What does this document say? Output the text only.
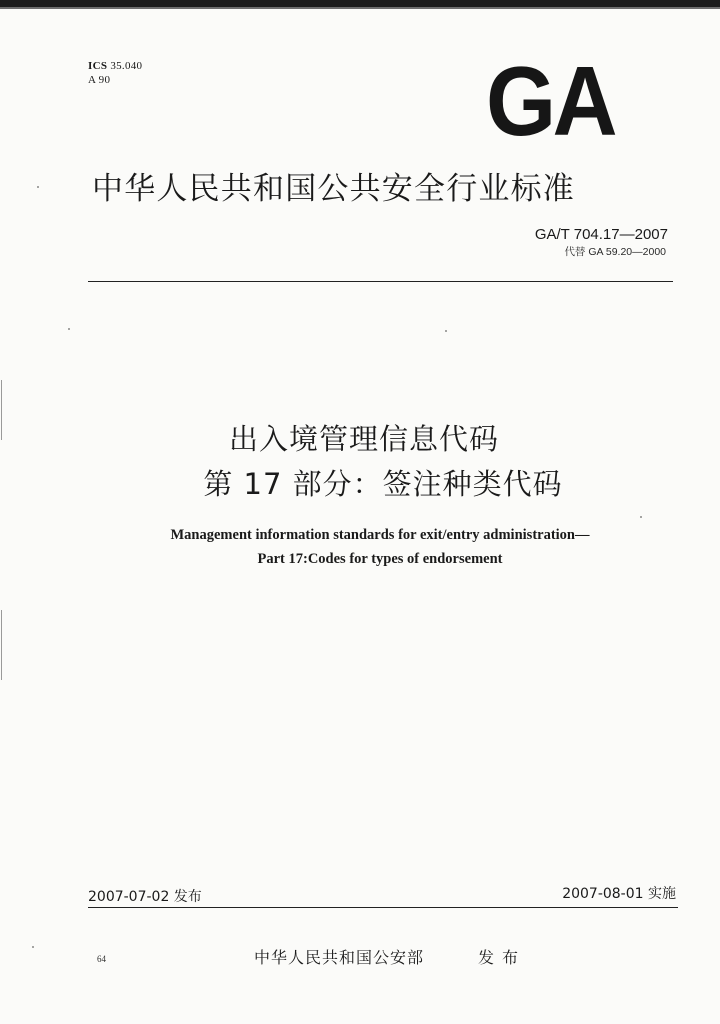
ICS 35.040
A 90	GA
中华人民共和国公共安全行业标准
GA/T 704.17—2007
代替 GA 59.20—2000
出入境管理信息代码
第 17 部分：签注种类代码
Management information standards for exit/entry administration—
Part 17:Codes for types of endorsement
2007-07-02 发布	2007-08-01 实施
64	中华人民共和国公安部	发布
